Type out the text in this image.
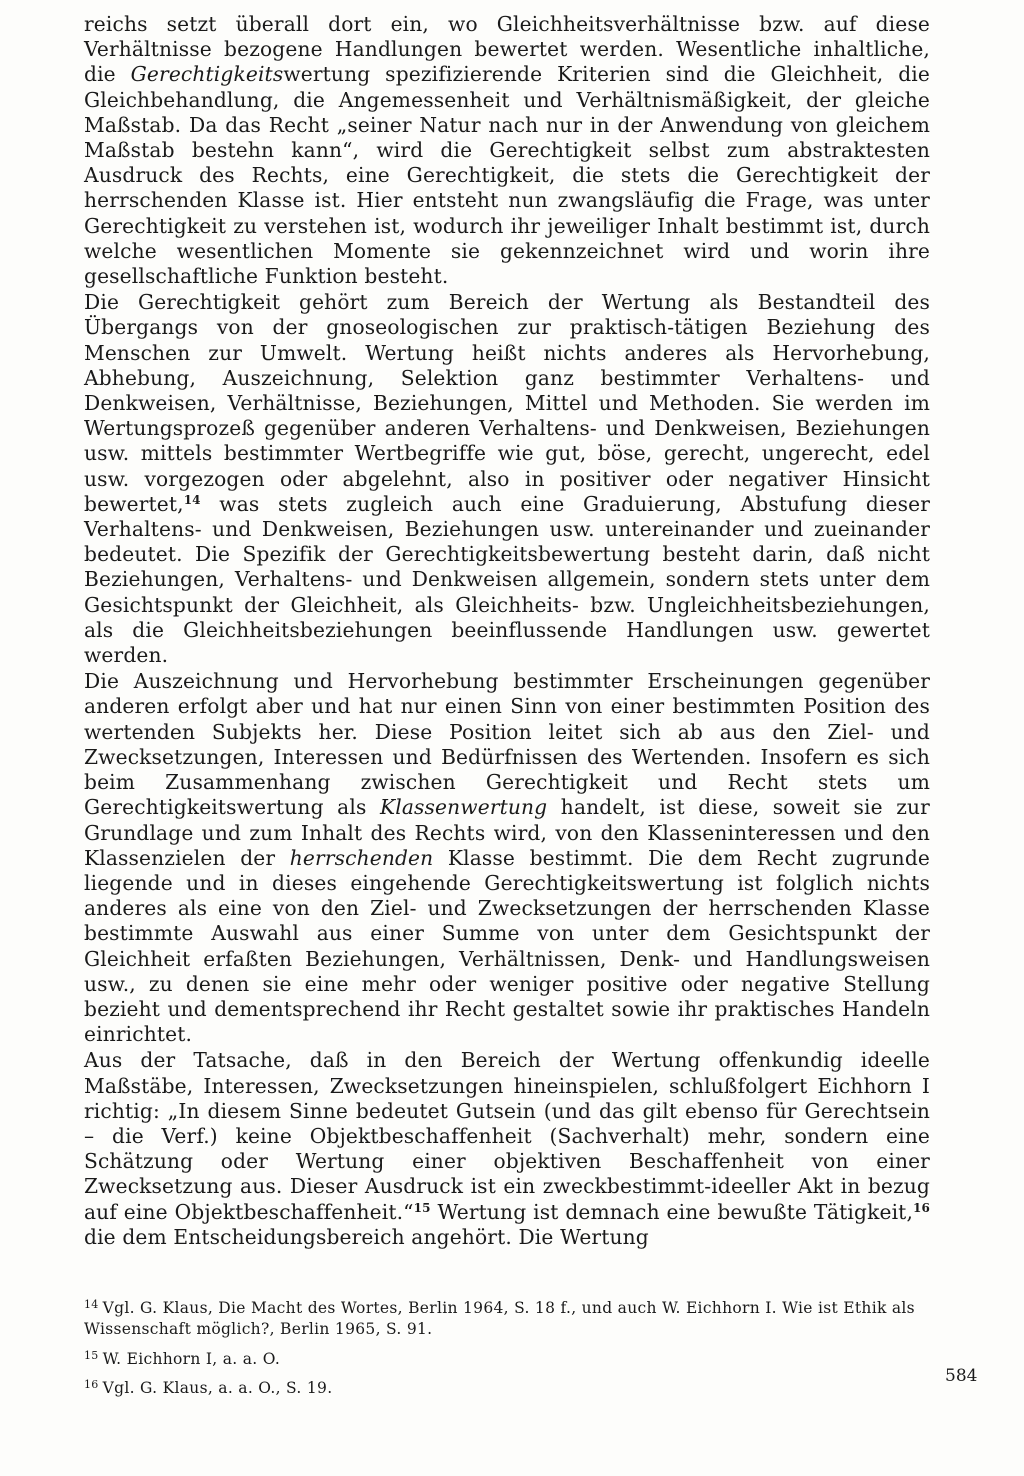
reichs setzt überall dort ein, wo Gleichheitsverhältnisse bzw. auf diese Verhältnisse bezogene Handlungen bewertet werden. Wesentliche inhaltliche, die Gerechtigkeitswertung spezifizierende Kriterien sind die Gleichheit, die Gleichbehandlung, die Angemessenheit und Verhältnismäßigkeit, der gleiche Maßstab. Da das Recht „seiner Natur nach nur in der Anwendung von gleichem Maßstab bestehn kann“, wird die Gerechtigkeit selbst zum abstraktesten Ausdruck des Rechts, eine Gerechtigkeit, die stets die Gerechtigkeit der herrschenden Klasse ist. Hier entsteht nun zwangsläufig die Frage, was unter Gerechtigkeit zu verstehen ist, wodurch ihr jeweiliger Inhalt bestimmt ist, durch welche wesentlichen Momente sie gekennzeichnet wird und worin ihre gesellschaftliche Funktion besteht.

Die Gerechtigkeit gehört zum Bereich der Wertung als Bestandteil des Übergangs von der gnoseologischen zur praktisch-tätigen Beziehung des Menschen zur Umwelt. Wertung heißt nichts anderes als Hervorhebung, Abhebung, Auszeichnung, Selektion ganz bestimmter Verhaltens- und Denkweisen, Verhältnisse, Beziehungen, Mittel und Methoden. Sie werden im Wertungsprozeß gegenüber anderen Verhaltens- und Denkweisen, Beziehungen usw. mittels bestimmter Wertbegriffe wie gut, böse, gerecht, ungerecht, edel usw. vorgezogen oder abgelehnt, also in positiver oder negativer Hinsicht bewertet,$^{14}$ was stets zugleich auch eine Graduierung, Abstufung dieser Verhaltens- und Denkweisen, Beziehungen usw. untereinander und zueinander bedeutet. Die Spezifik der Gerechtigkeitsbewertung besteht darin, daß nicht Beziehungen, Verhaltens- und Denkweisen allgemein, sondern stets unter dem Gesichtspunkt der Gleichheit, als Gleichheits- bzw. Ungleichheitsbeziehungen, als die Gleichheitsbeziehungen beeinflussende Handlungen usw. gewertet werden.

Die Auszeichnung und Hervorhebung bestimmter Erscheinungen gegenüber anderen erfolgt aber und hat nur einen Sinn von einer bestimmten Position des wertenden Subjekts her. Diese Position leitet sich ab aus den Ziel- und Zwecksetzungen, Interessen und Bedürfnissen des Wertenden. Insofern es sich beim Zusammenhang zwischen Gerechtigkeit und Recht stets um Gerechtigkeitswertung als Klassenwertung handelt, ist diese, soweit sie zur Grundlage und zum Inhalt des Rechts wird, von den Klasseninteressen und den Klassenzielen der herrschenden Klasse bestimmt. Die dem Recht zugrunde liegende und in dieses eingehende Gerechtigkeitswertung ist folglich nichts anderes als eine von den Ziel- und Zwecksetzungen der herrschenden Klasse bestimmte Auswahl aus einer Summe von unter dem Gesichtspunkt der Gleichheit erfaßten Beziehungen, Verhältnissen, Denk- und Handlungsweisen usw., zu denen sie eine mehr oder weniger positive oder negative Stellung bezieht und dementsprechend ihr Recht gestaltet sowie ihr praktisches Handeln einrichtet.

Aus der Tatsache, daß in den Bereich der Wertung offenkundig ideelle Maßstäbe, Interessen, Zwecksetzungen hineinspielen, schlußfolgert Eichhorn I richtig: „In diesem Sinne bedeutet Gutsein (und das gilt ebenso für Gerechtsein – die Verf.) keine Objektbeschaffenheit (Sachverhalt) mehr, sondern eine Schätzung oder Wertung einer objektiven Beschaffenheit von einer Zwecksetzung aus. Dieser Ausdruck ist ein zweckbestimmt-ideeller Akt in bezug auf eine Objektbeschaffenheit.“$^{15}$ Wertung ist demnach eine bewußte Tätigkeit,$^{16}$ die dem Entscheidungsbereich angehört. Die Wertung

$^{14}$ Vgl. G. Klaus, Die Macht des Wortes, Berlin 1964, S. 18 f., und auch W. Eichhorn I. Wie ist Ethik als Wissenschaft möglich?, Berlin 1965, S. 91.

$^{15}$ W. Eichhorn I, a. a. O.

$^{16}$ Vgl. G. Klaus, a. a. O., S. 19.

584
